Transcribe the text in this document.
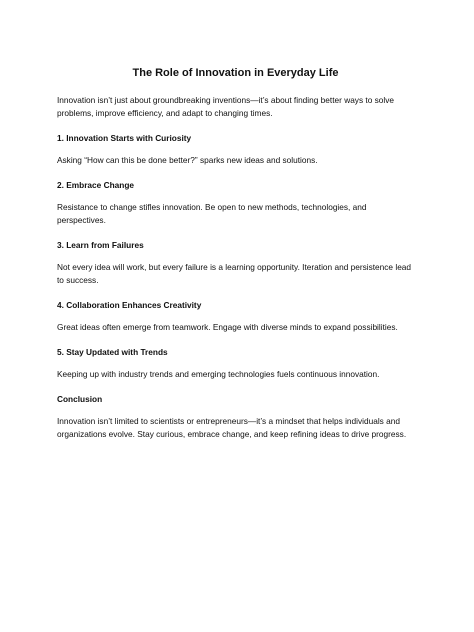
The Role of Innovation in Everyday Life

Innovation isn’t just about groundbreaking inventions—it’s about finding better ways to solve problems, improve efficiency, and adapt to changing times.

1. Innovation Starts with Curiosity

Asking “How can this be done better?” sparks new ideas and solutions.

2. Embrace Change

Resistance to change stifles innovation. Be open to new methods, technologies, and perspectives.

3. Learn from Failures

Not every idea will work, but every failure is a learning opportunity. Iteration and persistence lead to success.

4. Collaboration Enhances Creativity

Great ideas often emerge from teamwork. Engage with diverse minds to expand possibilities.

5. Stay Updated with Trends

Keeping up with industry trends and emerging technologies fuels continuous innovation.

Conclusion

Innovation isn’t limited to scientists or entrepreneurs—it’s a mindset that helps individuals and organizations evolve. Stay curious, embrace change, and keep refining ideas to drive progress.
